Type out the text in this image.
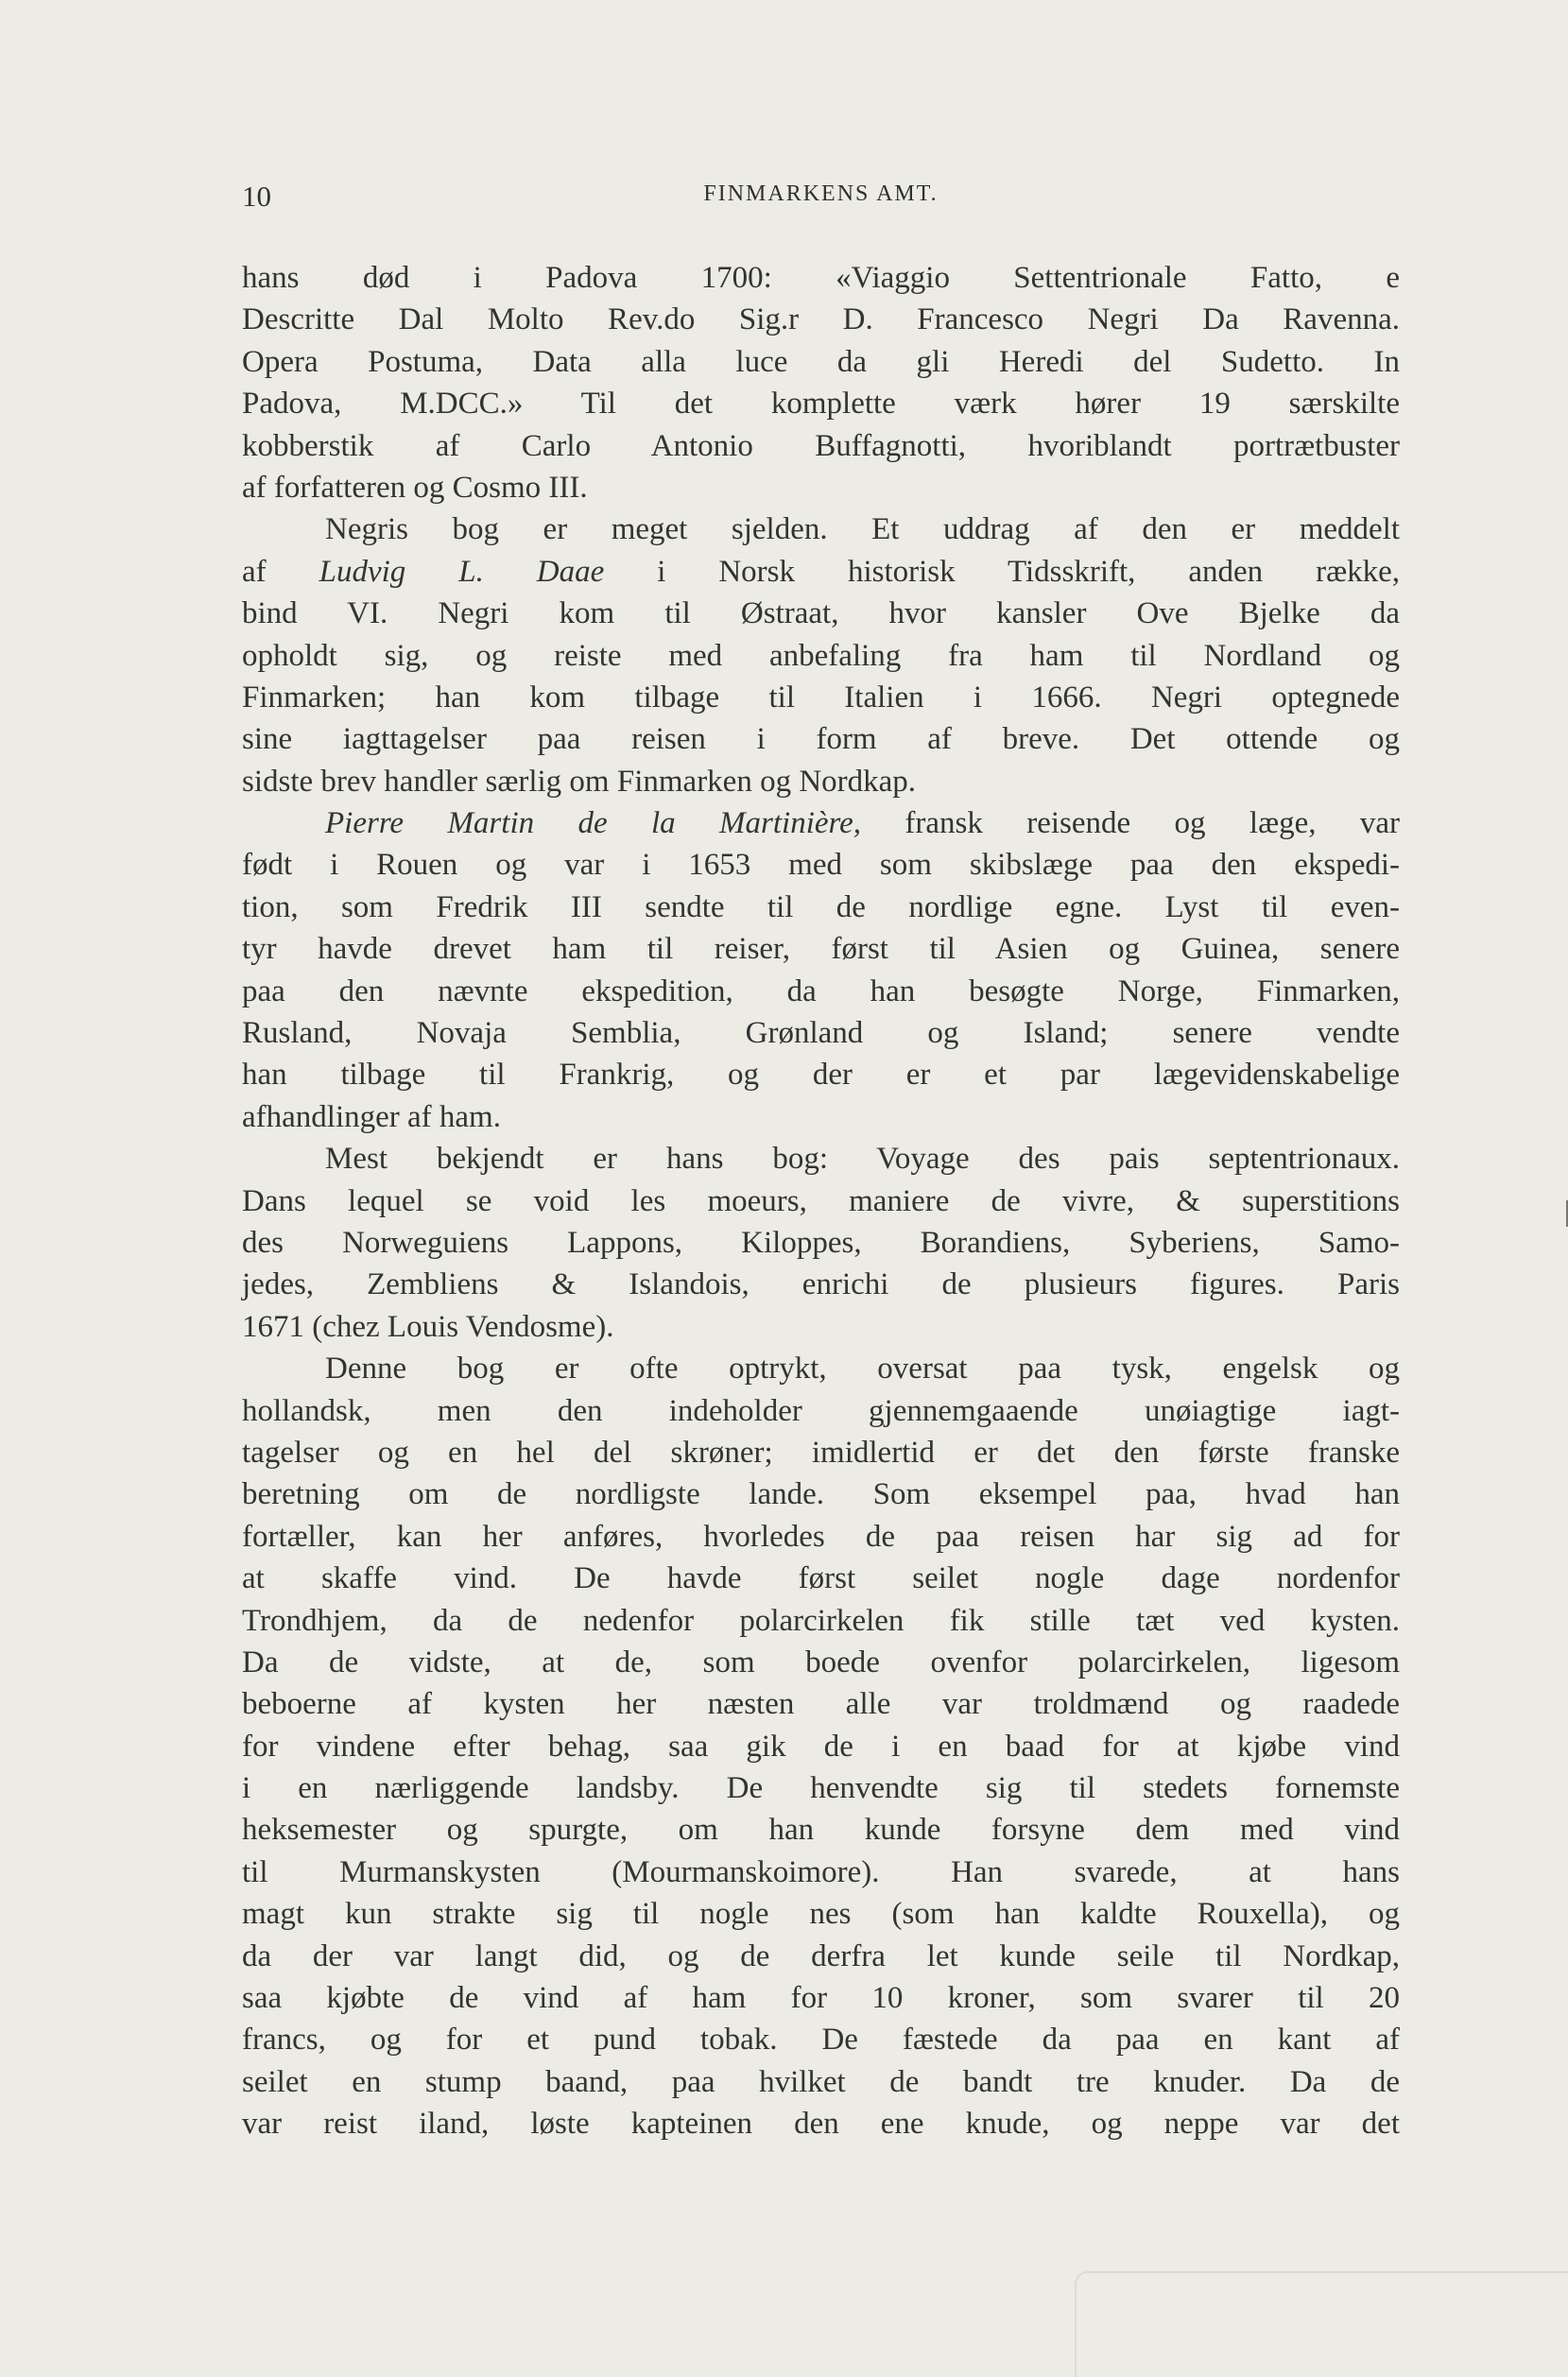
10	FINMARKENS AMT.
hans død i Padova 1700: «Viaggio Settentrionale Fatto, e
Descritte Dal Molto Rev.do Sig.r D. Francesco Negri Da Ravenna.
Opera Postuma, Data alla luce da gli Heredi del Sudetto. In
Padova, M.DCC.» Til det komplette værk hører 19 særskilte
kobberstik af Carlo Antonio Buffagnotti, hvoriblandt portrætbuster
af forfatteren og Cosmo III.
Negris bog er meget sjelden. Et uddrag af den er meddelt
af Ludvig L. Daae i Norsk historisk Tidsskrift, anden række,
bind VI. Negri kom til Østraat, hvor kansler Ove Bjelke da
opholdt sig, og reiste med anbefaling fra ham til Nordland og
Finmarken; han kom tilbage til Italien i 1666. Negri optegnede
sine iagttagelser paa reisen i form af breve. Det ottende og
sidste brev handler særlig om Finmarken og Nordkap.
Pierre Martin de la Martinière, fransk reisende og læge, var
født i Rouen og var i 1653 med som skibslæge paa den ekspedi-
tion, som Fredrik III sendte til de nordlige egne. Lyst til even-
tyr havde drevet ham til reiser, først til Asien og Guinea, senere
paa den nævnte ekspedition, da han besøgte Norge, Finmarken,
Rusland, Novaja Semblia, Grønland og Island; senere vendte
han tilbage til Frankrig, og der er et par lægevidenskabelige
afhandlinger af ham.
Mest bekjendt er hans bog: Voyage des pais septentrionaux.
Dans lequel se void les moeurs, maniere de vivre, & superstitions
des Norweguiens Lappons, Kiloppes, Borandiens, Syberiens, Samo-
jedes, Zembliens & Islandois, enrichi de plusieurs figures. Paris
1671 (chez Louis Vendosme).
Denne bog er ofte optrykt, oversat paa tysk, engelsk og
hollandsk, men den indeholder gjennemgaaende unøiagtige iagt-
tagelser og en hel del skrøner; imidlertid er det den første franske
beretning om de nordligste lande. Som eksempel paa, hvad han
fortæller, kan her anføres, hvorledes de paa reisen har sig ad for
at skaffe vind. De havde først seilet nogle dage nordenfor
Trondhjem, da de nedenfor polarcirkelen fik stille tæt ved kysten.
Da de vidste, at de, som boede ovenfor polarcirkelen, ligesom
beboerne af kysten her næsten alle var troldmænd og raadede
for vindene efter behag, saa gik de i en baad for at kjøbe vind
i en nærliggende landsby. De henvendte sig til stedets fornemste
heksemester og spurgte, om han kunde forsyne dem med vind
til Murmanskysten (Mourmanskoimore). Han svarede, at hans
magt kun strakte sig til nogle nes (som han kaldte Rouxella), og
da der var langt did, og de derfra let kunde seile til Nordkap,
saa kjøbte de vind af ham for 10 kroner, som svarer til 20
francs, og for et pund tobak. De fæstede da paa en kant af
seilet en stump baand, paa hvilket de bandt tre knuder. Da de
var reist iland, løste kapteinen den ene knude, og neppe var det
